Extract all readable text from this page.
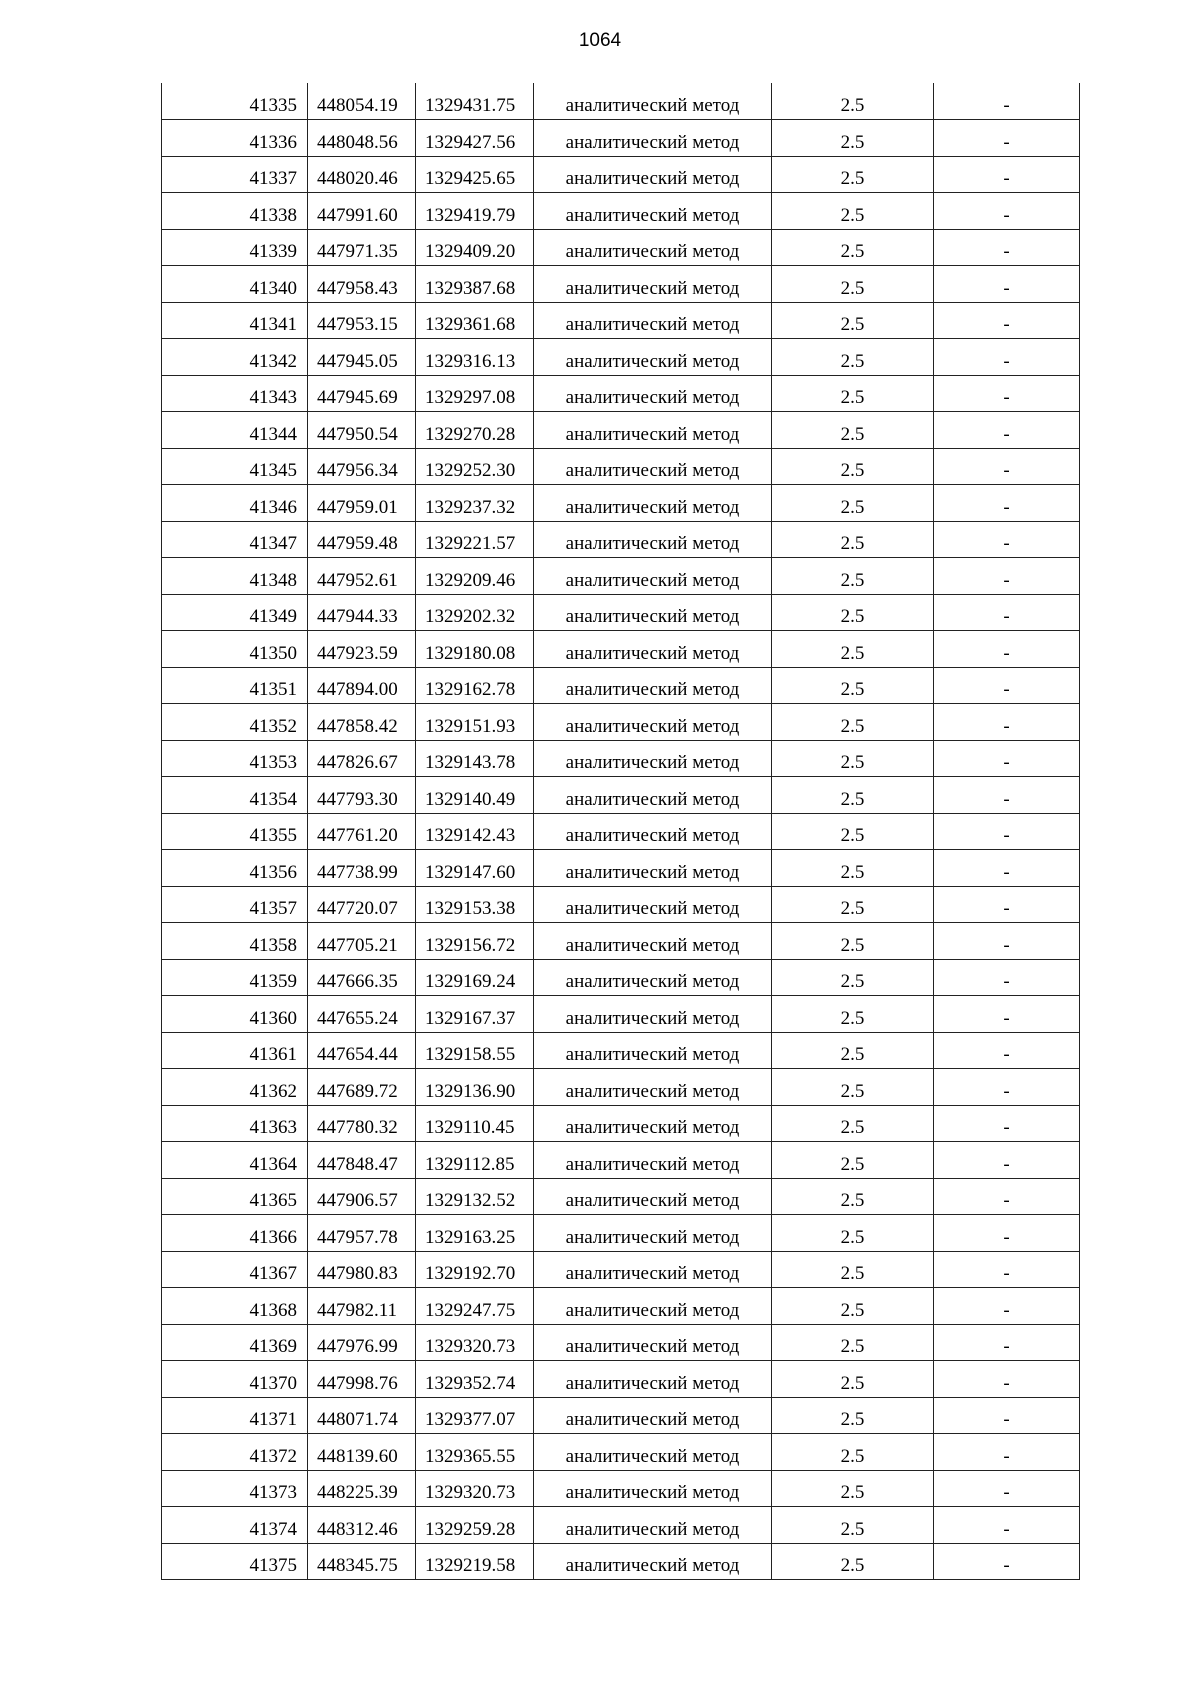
1064
41335	448054.19	1329431.75	аналитический метод	2.5	-
41336	448048.56	1329427.56	аналитический метод	2.5	-
41337	448020.46	1329425.65	аналитический метод	2.5	-
41338	447991.60	1329419.79	аналитический метод	2.5	-
41339	447971.35	1329409.20	аналитический метод	2.5	-
41340	447958.43	1329387.68	аналитический метод	2.5	-
41341	447953.15	1329361.68	аналитический метод	2.5	-
41342	447945.05	1329316.13	аналитический метод	2.5	-
41343	447945.69	1329297.08	аналитический метод	2.5	-
41344	447950.54	1329270.28	аналитический метод	2.5	-
41345	447956.34	1329252.30	аналитический метод	2.5	-
41346	447959.01	1329237.32	аналитический метод	2.5	-
41347	447959.48	1329221.57	аналитический метод	2.5	-
41348	447952.61	1329209.46	аналитический метод	2.5	-
41349	447944.33	1329202.32	аналитический метод	2.5	-
41350	447923.59	1329180.08	аналитический метод	2.5	-
41351	447894.00	1329162.78	аналитический метод	2.5	-
41352	447858.42	1329151.93	аналитический метод	2.5	-
41353	447826.67	1329143.78	аналитический метод	2.5	-
41354	447793.30	1329140.49	аналитический метод	2.5	-
41355	447761.20	1329142.43	аналитический метод	2.5	-
41356	447738.99	1329147.60	аналитический метод	2.5	-
41357	447720.07	1329153.38	аналитический метод	2.5	-
41358	447705.21	1329156.72	аналитический метод	2.5	-
41359	447666.35	1329169.24	аналитический метод	2.5	-
41360	447655.24	1329167.37	аналитический метод	2.5	-
41361	447654.44	1329158.55	аналитический метод	2.5	-
41362	447689.72	1329136.90	аналитический метод	2.5	-
41363	447780.32	1329110.45	аналитический метод	2.5	-
41364	447848.47	1329112.85	аналитический метод	2.5	-
41365	447906.57	1329132.52	аналитический метод	2.5	-
41366	447957.78	1329163.25	аналитический метод	2.5	-
41367	447980.83	1329192.70	аналитический метод	2.5	-
41368	447982.11	1329247.75	аналитический метод	2.5	-
41369	447976.99	1329320.73	аналитический метод	2.5	-
41370	447998.76	1329352.74	аналитический метод	2.5	-
41371	448071.74	1329377.07	аналитический метод	2.5	-
41372	448139.60	1329365.55	аналитический метод	2.5	-
41373	448225.39	1329320.73	аналитический метод	2.5	-
41374	448312.46	1329259.28	аналитический метод	2.5	-
41375	448345.75	1329219.58	аналитический метод	2.5	-
